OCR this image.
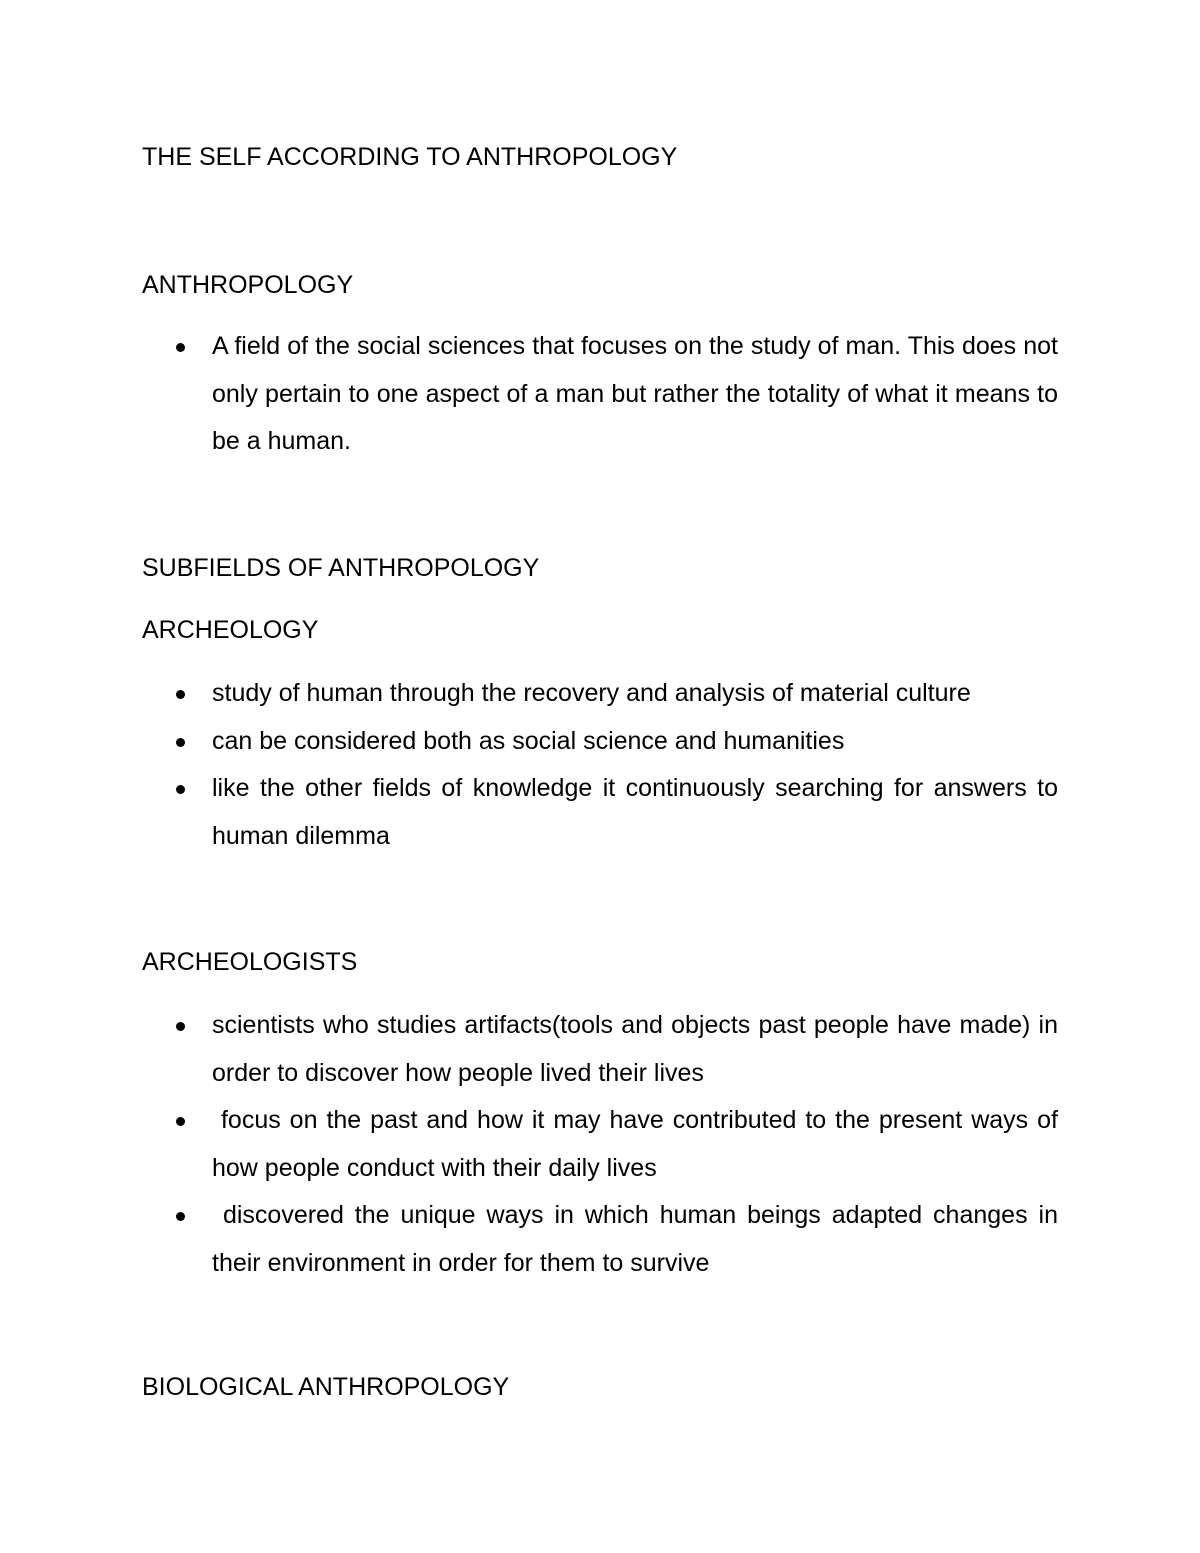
THE SELF ACCORDING TO ANTHROPOLOGY
ANTHROPOLOGY
A field of the social sciences that focuses on the study of man. This does not only pertain to one aspect of a man but rather the totality of what it means to be a human.
SUBFIELDS OF ANTHROPOLOGY
ARCHEOLOGY
study of human through the recovery and analysis of material culture
can be considered both as social science and humanities
like the other fields of knowledge it continuously searching for answers to human dilemma
ARCHEOLOGISTS
scientists who studies artifacts(tools and objects past people have made) in order to discover how people lived their lives
focus on the past and how it may have contributed to the present ways of how people conduct with their daily lives
discovered the unique ways in which human beings adapted changes in their environment in order for them to survive
BIOLOGICAL ANTHROPOLOGY
